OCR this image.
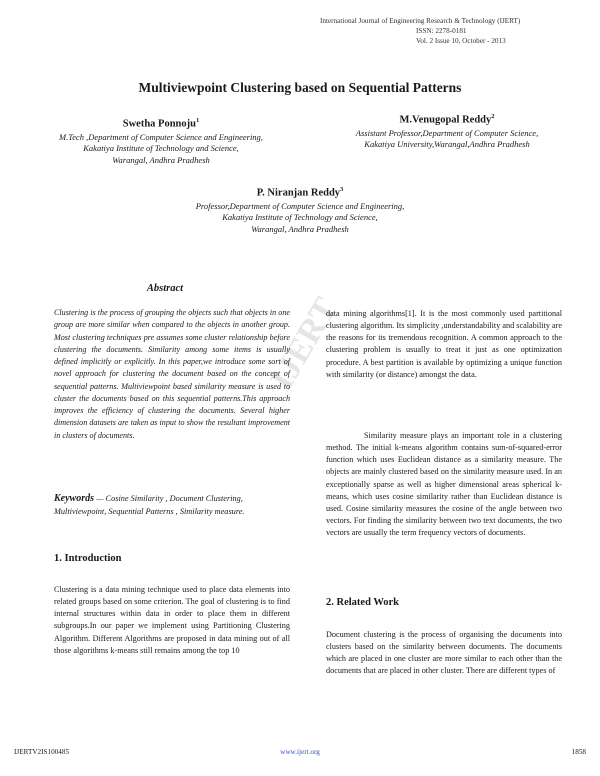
International Journal of Engineering Research & Technology (IJERT)
ISSN: 2278-0181
Vol. 2 Issue 10, October - 2013
Multiviewpoint Clustering based on Sequential Patterns
Swetha Ponnoju$^1$
M.Tech ,Department of Computer Science and Engineering,
Kakatiya Institute of Technology and Science,
Warangal, Andhra Pradhesh
M.Venugopal Reddy$^2$
Assistant Professor,Department of Computer Science,
Kakatiya University,Warangal,Andhra Pradhesh
P. Niranjan Reddy$^3$
Professor,Department of Computer Science and Engineering,
Kakatiya Institute of Technology and Science,
Warangal, Andhra Pradhesh
Abstract
Clustering is the process of grouping the objects such that objects in one group are more similar when compared to the objects in another group. Most clustering techniques pre assumes some cluster relationship before clustering the documents. Similarity among some items is usually defined implicitly or explicitly. In this paper,we introduce some sort of novel approach for clustering the document based on the concept of sequential patterns. Multiviewpoint based similarity measure is used to cluster the documents based on this sequential patterns.This approach improves the efficiency of clustering the documents. Several higher dimension datasets are taken as input to show the resultant improvement in clusters of documents.
Keywords — Cosine Similarity , Document Clustering, Multiviewpoint, Sequential Patterns , Similarity measure.
1. Introduction
Clustering is a data mining technique used to place data elements into related groups based on some criterion. The goal of clustering is to find internal structures within data in order to place them in different subgroups.In our paper we implement using Partitioning Clustering Algorithm. Different Algorithms are proposed in data mining out of all those algorithms k-means still remains among the top 10
data mining algorithms[1]. It is the most commonly used partitional clustering algorithm. Its simplicity ,understandability and scalability are the reasons for its tremendous recognition. A common approach to the clustering problem is usually to treat it just as one optimization procedure. A best partition is available by optimizing a unique function with similarity (or distance) amongst the data.
Similarity measure plays an important role in a clustering method. The initial k-means algorithm contains sum-of-squared-error function which uses Euclidean distance as a similarity measure. The objects are mainly clustered based on the similarity measure used. In an exceptionally sparse as well as higher dimensional areas spherical k-means, which uses cosine similarity rather than Euclidean distance is used. Cosine similarity measures the cosine of the angle between two vectors. For finding the similarity between two text documents, the two vectors are usually the term frequency vectors of documents.
2. Related Work
Document clustering is the process of organising the documents into clusters based on the similarity between documents. The documents which are placed in one cluster are more similar to each other than the documents that are placed in other cluster. There are different types of
IJERT
IJERTV2IS100485	www.ijert.org	1858
